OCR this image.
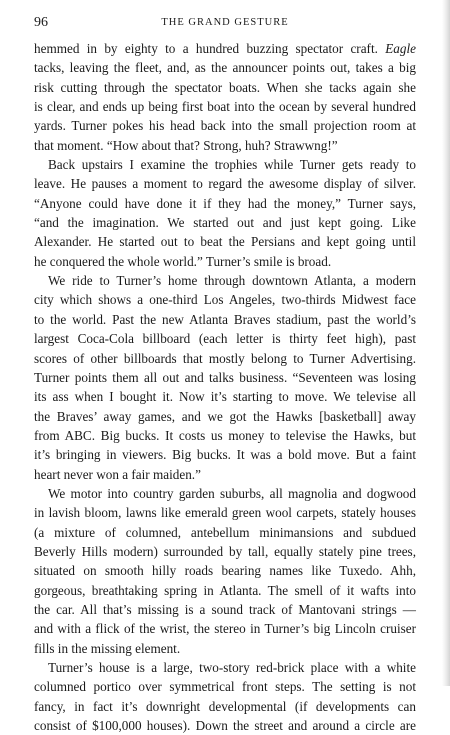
96	THE GRAND GESTURE
hemmed in by eighty to a hundred buzzing spectator craft. Eagle
tacks, leaving the fleet, and, as the announcer points out, takes a big
risk cutting through the spectator boats. When she tacks again she
is clear, and ends up being first boat into the ocean by several hundred
yards. Turner pokes his head back into the small projection room at
that moment. “How about that? Strong, huh? Strawwng!”
Back upstairs I examine the trophies while Turner gets ready to
leave. He pauses a moment to regard the awesome display of silver.
“Anyone could have done it if they had the money,” Turner says,
“and the imagination. We started out and just kept going. Like
Alexander. He started out to beat the Persians and kept going until
he conquered the whole world.” Turner’s smile is broad.
We ride to Turner’s home through downtown Atlanta, a modern
city which shows a one-third Los Angeles, two-thirds Midwest face
to the world. Past the new Atlanta Braves stadium, past the world’s
largest Coca-Cola billboard (each letter is thirty feet high), past
scores of other billboards that mostly belong to Turner Advertising.
Turner points them all out and talks business. “Seventeen was losing
its ass when I bought it. Now it’s starting to move. We televise all
the Braves’ away games, and we got the Hawks [basketball] away
from ABC. Big bucks. It costs us money to televise the Hawks, but
it’s bringing in viewers. Big bucks. It was a bold move. But a faint
heart never won a fair maiden.”
We motor into country garden suburbs, all magnolia and dogwood
in lavish bloom, lawns like emerald green wool carpets, stately houses
(a mixture of columned, antebellum minimansions and subdued
Beverly Hills modern) surrounded by tall, equally stately pine trees,
situated on smooth hilly roads bearing names like Tuxedo. Ahh,
gorgeous, breathtaking spring in Atlanta. The smell of it wafts into
the car. All that’s missing is a sound track of Mantovani strings —
and with a flick of the wrist, the stereo in Turner’s big Lincoln cruiser
fills in the missing element.
Turner’s house is a large, two-story red-brick place with a white
columned portico over symmetrical front steps. The setting is not
fancy, in fact it’s downright developmental (if developments can
consist of $100,000 houses). Down the street and around a circle are
